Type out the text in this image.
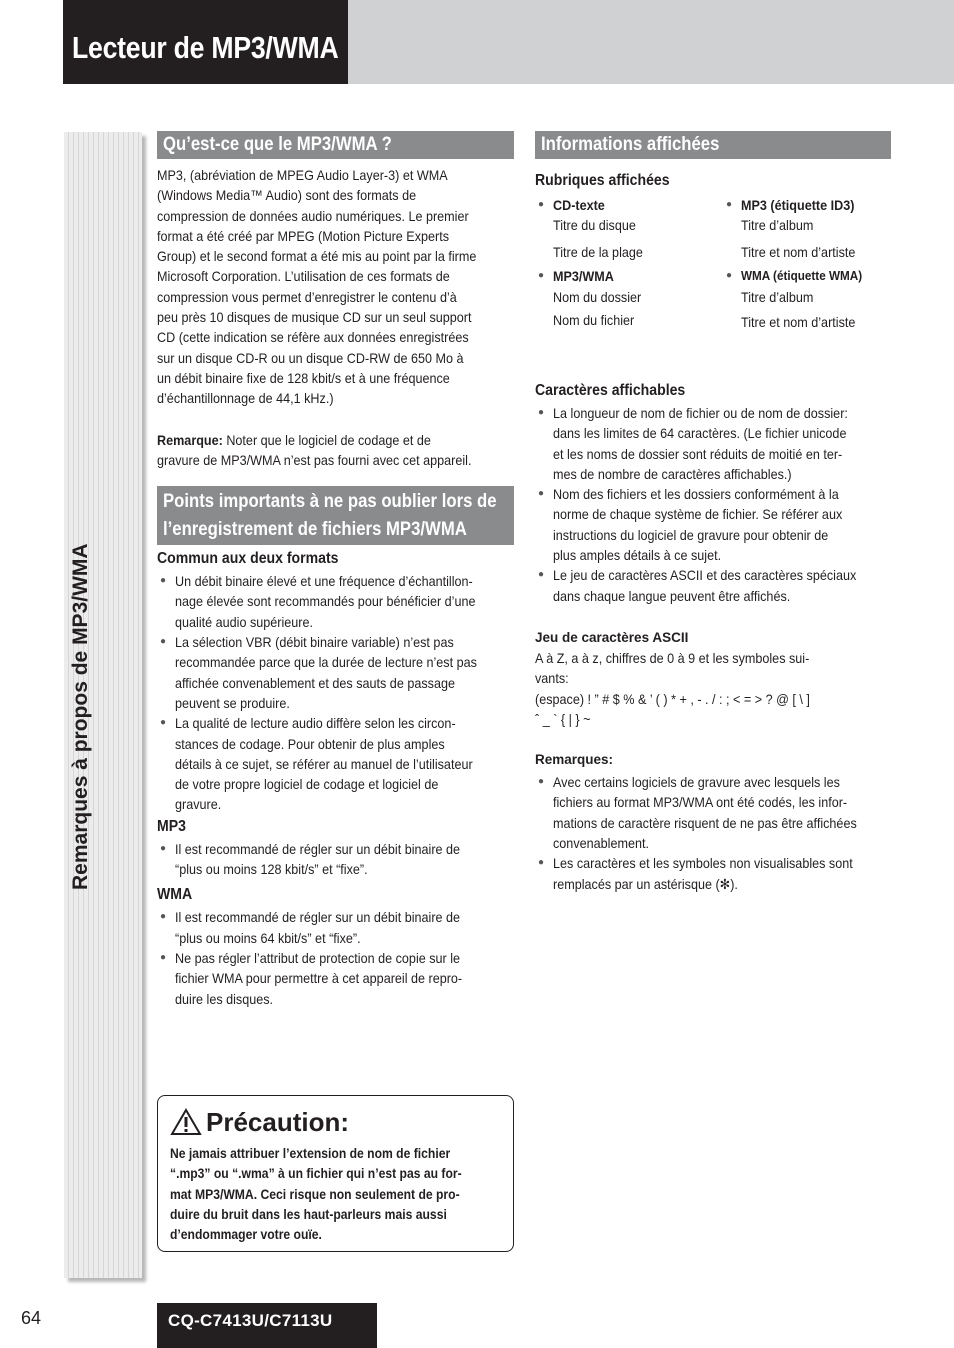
Lecteur de MP3/WMA
Remarques à propos de MP3/WMA
Qu’est-ce que le MP3/WMA ?
MP3, (abréviation de MPEG Audio Layer-3) et WMA
(Windows Media™ Audio) sont des formats de
compression de données audio numériques. Le premier
format a été créé par MPEG (Motion Picture Experts
Group) et le second format a été mis au point par la firme
Microsoft Corporation. L’utilisation de ces formats de
compression vous permet d’enregistrer le contenu d’à
peu près 10 disques de musique CD sur un seul support
CD (cette indication se réfère aux données enregistrées
sur un disque CD-R ou un disque CD-RW de 650 Mo à
un débit binaire fixe de 128 kbit/s et à une fréquence
d’échantillonnage de 44,1 kHz.)
Remarque: Noter que le logiciel de codage et de
gravure de MP3/WMA n’est pas fourni avec cet appareil.
Points importants à ne pas oublier lors de
l’enregistrement de fichiers MP3/WMA
Commun aux deux formats
● Un débit binaire élevé et une fréquence d’échantillon-
nage élevée sont recommandés pour bénéficier d’une
qualité audio supérieure.
● La sélection VBR (débit binaire variable) n’est pas
recommandée parce que la durée de lecture n’est pas
affichée convenablement et des sauts de passage
peuvent se produire.
● La qualité de lecture audio diffère selon les circon-
stances de codage. Pour obtenir de plus amples
détails à ce sujet, se référer au manuel de l’utilisateur
de votre propre logiciel de codage et logiciel de
gravure.
MP3
● Il est recommandé de régler sur un débit binaire de
“plus ou moins 128 kbit/s” et “fixe”.
WMA
● Il est recommandé de régler sur un débit binaire de
“plus ou moins 64 kbit/s” et “fixe”.
● Ne pas régler l’attribut de protection de copie sur le
fichier WMA pour permettre à cet appareil de repro-
duire les disques.
Précaution:
Ne jamais attribuer l’extension de nom de fichier
“.mp3” ou “.wma” à un fichier qui n’est pas au for-
mat MP3/WMA. Ceci risque non seulement de pro-
duire du bruit dans les haut-parleurs mais aussi
d’endommager votre ouïe.
Informations affichées
Rubriques affichées
● CD-texte
Titre du disque
Titre de la plage
● MP3/WMA
Nom du dossier
Nom du fichier
● MP3 (étiquette ID3)
Titre d’album
Titre et nom d’artiste
● WMA (étiquette WMA)
Titre d’album
Titre et nom d’artiste
Caractères affichables
● La longueur de nom de fichier ou de nom de dossier:
dans les limites de 64 caractères. (Le fichier unicode
et les noms de dossier sont réduits de moitié en ter-
mes de nombre de caractères affichables.)
● Nom des fichiers et les dossiers conformément à la
norme de chaque système de fichier. Se référer aux
instructions du logiciel de gravure pour obtenir de
plus amples détails à ce sujet.
● Le jeu de caractères ASCII et des caractères spéciaux
dans chaque langue peuvent être affichés.
Jeu de caractères ASCII
A à Z, a à z, chiffres de 0 à 9 et les symboles sui-
vants:
(espace) ! ” # $ % & ’ ( ) * + , - . / : ; < = > ? @ [ \ ]
ˆ _ ` { | } ~
Remarques:
● Avec certains logiciels de gravure avec lesquels les
fichiers au format MP3/WMA ont été codés, les infor-
mations de caractère risquent de ne pas être affichées
convenablement.
● Les caractères et les symboles non visualisables sont
remplacés par un astérisque (✻).
64	CQ-C7413U/C7113U
